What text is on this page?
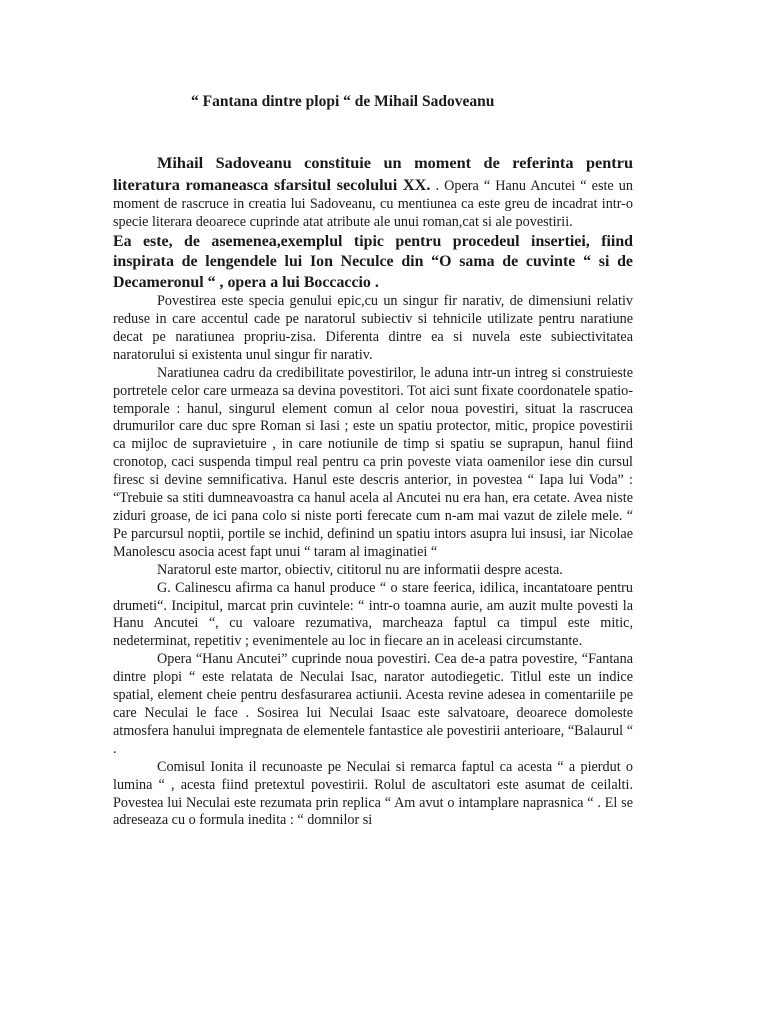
“ Fantana dintre plopi “ de Mihail Sadoveanu

Mihail Sadoveanu constituie un moment de referinta pentru literatura romaneasca sfarsitul secolului XX. . Opera “ Hanu Ancutei “ este un moment de rascruce in creatia lui Sadoveanu, cu mentiunea ca este greu de incadrat intr-o specie literara deoarece cuprinde atat atribute ale unui roman,cat si ale povestirii.

Ea este, de asemenea,exemplul tipic pentru procedeul insertiei, fiind inspirata de lengendele lui Ion Neculce din “O sama de cuvinte “ si de Decameronul “ , opera a lui Boccaccio .

Povestirea este specia genului epic,cu un singur fir narativ, de dimensiuni relativ reduse in care accentul cade pe naratorul subiectiv si tehnicile utilizate pentru naratiune decat pe naratiunea propriu-zisa. Diferenta dintre ea si nuvela este subiectivitatea naratorului si existenta unul singur fir narativ.

Naratiunea cadru da credibilitate povestirilor, le aduna intr-un intreg si construieste portretele celor care urmeaza sa devina povestitori. Tot aici sunt fixate coordonatele spatio-temporale : hanul, singurul element comun al celor noua povestiri, situat la rascrucea drumurilor care duc spre Roman si Iasi ; este un spatiu protector, mitic, propice povestirii ca mijloc de supravietuire , in care notiunile de timp si spatiu se suprapun, hanul fiind cronotop, caci suspenda timpul real pentru ca prin poveste viata oamenilor iese din cursul firesc si devine semnificativa. Hanul este descris anterior, in povestea “ Iapa lui Voda” : “Trebuie sa stiti dumneavoastra ca hanul acela al Ancutei nu era han, era cetate. Avea niste ziduri groase, de ici pana colo si niste porti ferecate cum n-am mai vazut de zilele mele. “ Pe parcursul noptii, portile se inchid, definind un spatiu intors asupra lui insusi, iar Nicolae Manolescu asocia acest fapt unui “ taram al imaginatiei “

Naratorul este martor, obiectiv, cititorul nu are informatii despre acesta.

G. Calinescu afirma ca hanul produce “ o stare feerica, idilica, incantatoare pentru drumeti“. Incipitul, marcat prin cuvintele: “ intr-o toamna aurie, am auzit multe povesti la Hanu Ancutei “, cu valoare rezumativa, marcheaza faptul ca timpul este mitic, nedeterminat, repetitiv ; evenimentele au loc in fiecare an in aceleasi circumstante.

Opera “Hanu Ancutei” cuprinde noua povestiri. Cea de-a patra povestire, “Fantana dintre plopi “ este relatata de Neculai Isac, narator autodiegetic. Titlul este un indice spatial, element cheie pentru desfasurarea actiunii. Acesta revine adesea in comentariile pe care Neculai le face . Sosirea lui Neculai Isaac este salvatoare, deoarece domoleste atmosfera hanului impregnata de elementele fantastice ale povestirii anterioare, “Balaurul “ .

Comisul Ionita il recunoaste pe Neculai si remarca faptul ca acesta “ a pierdut o lumina “ , acesta fiind pretextul povestirii. Rolul de ascultatori este asumat de ceilalti. Povestea lui Neculai este rezumata prin replica “ Am avut o intamplare naprasnica “ . El se adreseaza cu o formula inedita : “ domnilor si
